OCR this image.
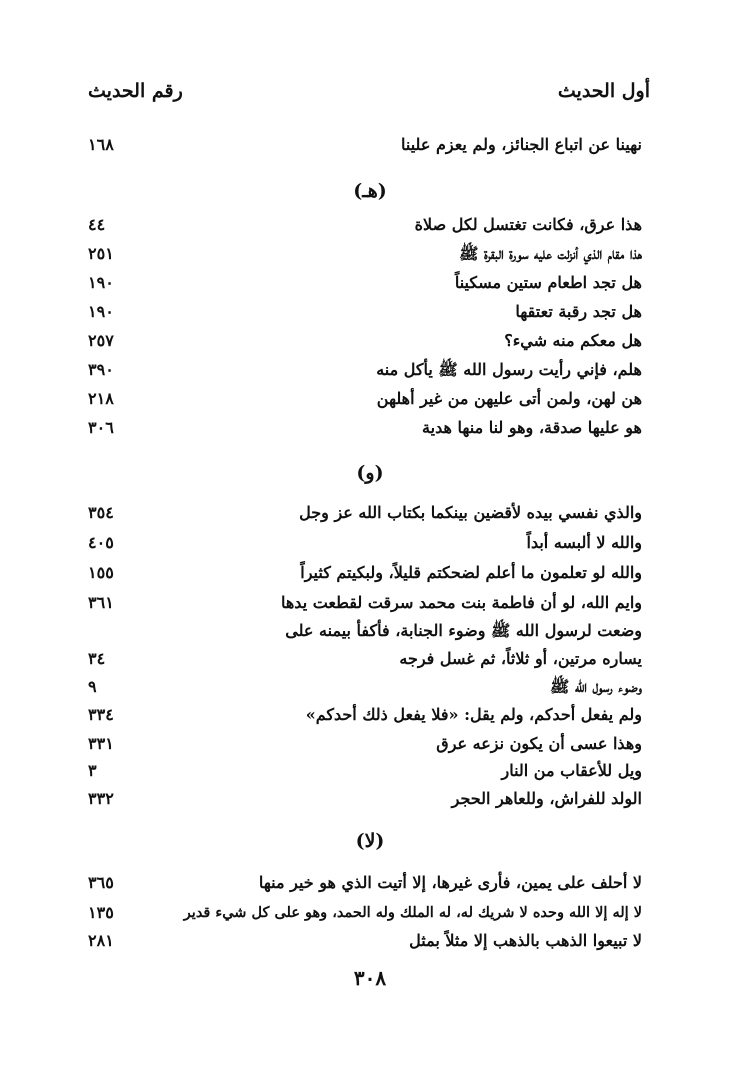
أول الحديث
رقم الحديث
نهينا عن اتباع الجنائز، ولم يعزم علينا
١٦٨
(هـ)
هذا عرق، فكانت تغتسل لكل صلاة
٤٤
هذا مقام الذي أنزلت عليه سورة البقرة ﷺ
٢٥١
هل تجد اطعام ستين مسكيناً
١٩٠
هل تجد رقبة تعتقها
١٩٠
هل معكم منه شيء؟
٢٥٧
هلم، فإني رأيت رسول الله ﷺ يأكل منه
٣٩٠
هن لهن، ولمن أتى عليهن من غير أهلهن
٢١٨
هو عليها صدقة، وهو لنا منها هدية
٣٠٦
(و)
والذي نفسي بيده لأقضين بينكما بكتاب الله عز وجل
٣٥٤
والله لا ألبسه أبداً
٤٠٥
والله لو تعلمون ما أعلم لضحكتم قليلاً، ولبكيتم كثيراً
١٥٥
وايم الله، لو أن فاطمة بنت محمد سرقت لقطعت يدها
٣٦١
وضعت لرسول الله ﷺ وضوء الجنابة، فأكفأ بيمنه على
يساره مرتين، أو ثلاثاً، ثم غسل فرجه
٣٤
وضوء رسول الله ﷺ
٩
ولم يفعل أحدكم، ولم يقل: «فلا يفعل ذلك أحدكم»
٣٣٤
وهذا عسى أن يكون نزعه عرق
٣٣١
ويل للأعقاب من النار
٣
الولد للفراش، وللعاهر الحجر
٣٣٢
(لا)
لا أحلف على يمين، فأرى غيرها، إلا أتيت الذي هو خير منها
٣٦٥
لا إله إلا الله وحده لا شريك له، له الملك وله الحمد، وهو على كل شيء قدير
١٣٥
لا تبيعوا الذهب بالذهب إلا مثلاً بمثل
٢٨١
٣٠٨
